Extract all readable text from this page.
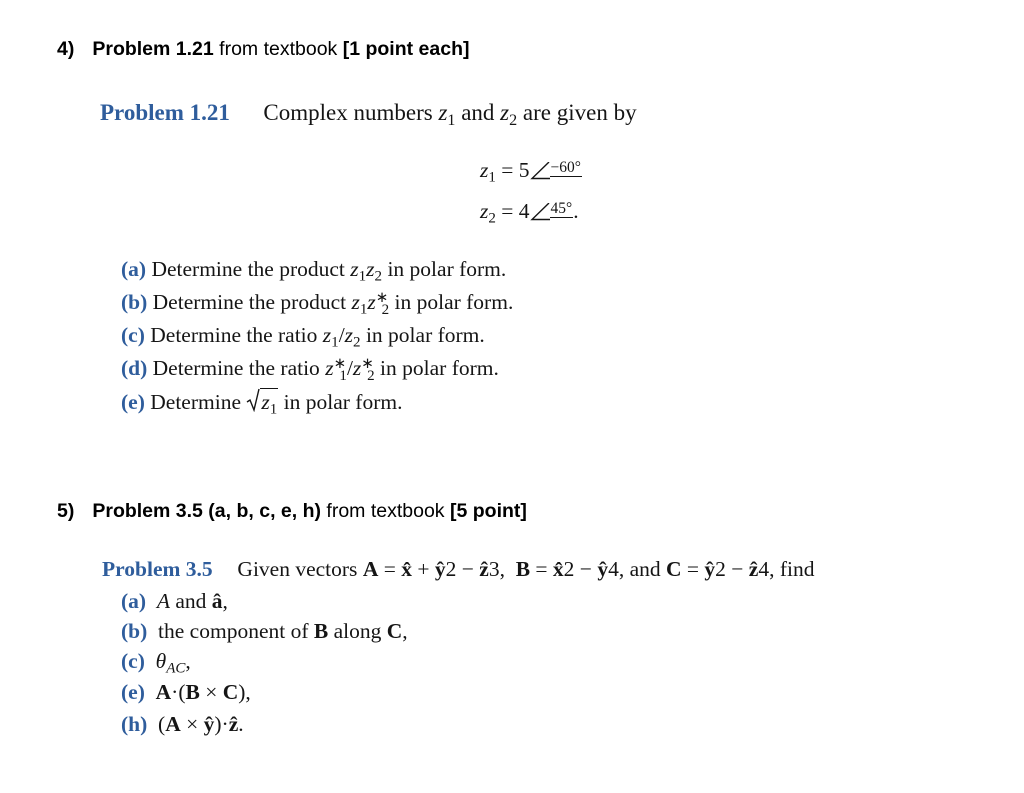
4) Problem 1.21 from textbook [1 point each]
Problem 1.21 Complex numbers $z_1$ and $z_2$ are given by
$z_1 = 5 -60^\circ$
$z_2 = 4$ 45°.
(a) Determine the product $z_1z_2$ in polar form.
(b) Determine the product $z_1z^∗_2$ in polar form.
(c) Determine the ratio $z_1/z_2$ in polar form.
(d) Determine the ratio $z^∗_1/z^∗_2$ in polar form.
(e) Determine
$z_1$ in polar form.
5) Problem 3.5 (a, b, c, e, h) from textbook [5 point]
Problem 3.5 Given vectors A = x̂ + ŷ2 − ẑ3,  B = x̂2 − ŷ4, and C = ŷ2 − ẑ4, find
(a) A and â,
(b)  the component of B along C,
(c) $\theta_{AC}$,
(e) A·(B × C),
(h)  (A × ŷ)·ẑ.
